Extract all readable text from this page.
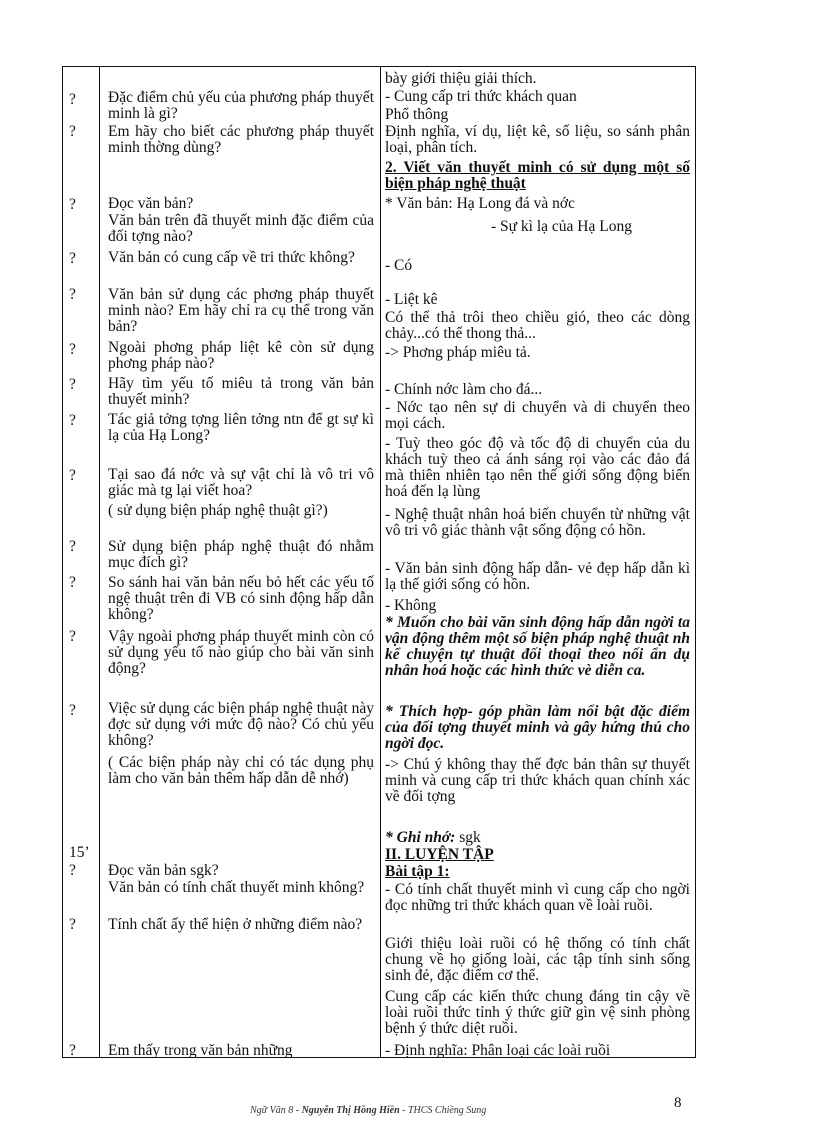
?
?
?
?
?
?
?
?
?
?
?
?
?
15’
?
?
?
Đặc điểm chủ yếu của phương pháp thuyết minh là gì?
Em hãy cho biết các phương pháp thuyết minh thờng dùng?
Đọc văn bản?
Văn bản trên đã thuyết minh đặc điểm của đối tợng nào?
Văn bản có cung cấp về tri thức không?
Văn bản sử dụng các phơng pháp thuyết minh nào? Em hãy chỉ ra cụ thể trong văn bản?
Ngoài phơng pháp liệt kê còn sử dụng phơng pháp nào?
Hãy tìm yếu tố miêu tả trong văn bản thuyết minh?
Tác giả tởng tợng liên tởng ntn để gt sự kì lạ của Hạ Long?
Tại sao đá nớc và sự vật chỉ là vô tri vô giác mà tg lại viết hoa?
( sử dụng biện pháp nghệ thuật gì?)
Sử dụng biện pháp nghệ thuật đó nhằm mục đích gì?
So sánh hai văn bản nếu bỏ hết các yếu tố ngệ thuật trên đi VB có sinh động hấp dẫn không?
Vậy ngoài phơng pháp thuyết minh còn có sử dụng yếu tố nào giúp cho bài văn sinh động?
Việc sử dụng các biện pháp nghệ thuật này đợc sử dụng với mức độ nào? Có chủ yếu không?
( Các biện pháp này chỉ có tác dụng phụ làm cho văn bản thêm hấp dẫn dễ nhớ)
Đọc văn bản sgk?
Văn bản có tính chất thuyết minh không?
Tính chất ấy thể hiện ở những điểm nào?
Em thấy trong văn bản những
bày giới thiệu giải thích.
- Cung cấp tri thức khách quan
Phổ thông
Định nghĩa, ví dụ, liệt kê, số liệu, so sánh phân loại, phân tích.
2. Viết văn thuyết minh có sử dụng một số biện pháp nghệ thuật
* Văn bản: Hạ Long đá và nớc
- Sự kì lạ của Hạ Long
- Có
- Liệt kê
Có thể thả trôi theo chiều gió, theo các dòng chảy...có thể thong thả...
-> Phơng pháp miêu tả.
- Chính nớc làm cho đá...
- Nớc tạo nên sự di chuyển và di chuyển theo mọi cách.
- Tuỳ theo góc độ và tốc độ di chuyển của du khách tuỳ theo cả ánh sáng rọi vào các đảo đá mà thiên nhiên tạo nên thế giới sống động biến hoá đến lạ lùng
- Nghệ thuật nhân hoá biến chuyển từ những vật vô tri vô giác thành vật sống động có hồn.
- Văn bản sinh động hấp dẫn- vẻ đẹp hấp dẫn kì lạ thế giới sống có hồn.
- Không
* Muốn cho bài văn sinh động hấp dẫn ngời ta vận động thêm một số biện pháp nghệ thuật nh kể chuyện tự thuật đối thoại theo nối ẩn dụ nhân hoá hoặc các hình thức vè diễn ca.
* Thích hợp- góp phần làm nổi bật đặc điểm của đối tợng thuyết minh và gây hứng thú cho ngời đọc.
-> Chú ý không thay thế đợc bản thân sự thuyết minh và cung cấp tri thức khách quan chính xác về đối tợng
* Ghi nhớ: sgk
II. LUYỆN TẬP
Bài tập 1:
- Có tính chất thuyết minh vì cung cấp cho ngời đọc những tri thức khách quan về loài ruồi.
Giới thiệu loài ruồi có hệ thống có tính chất chung về họ giống loài, các tập tính sinh sống sinh đẻ, đặc điểm cơ thể.
Cung cấp các kiến thức chung đáng tin cậy về loài ruồi thức tỉnh ý thức giữ gìn vệ sinh phòng bệnh ý thức diệt ruồi.
- Định nghĩa: Phân loại các loài ruồi
Ngữ Văn 8 - Nguyễn Thị Hồng Hiền - THCS Chiềng Sung	8
